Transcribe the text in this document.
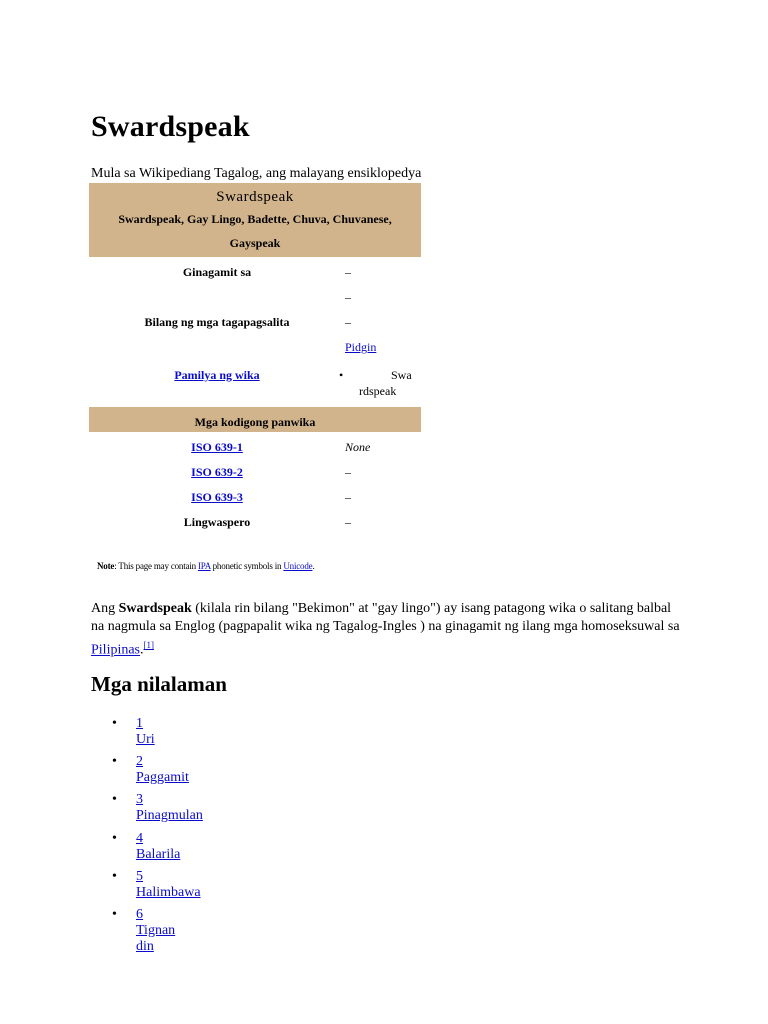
Swardspeak

Mula sa Wikipediang Tagalog, ang malayang ensiklopedya

Swardspeak
Swardspeak, Gay Lingo, Badette, Chuva, Chuvanese, Gayspeak
Ginagamit sa	–
–
Bilang ng mga tagapagsalita	–
Pidgin
Pamilya ng wika	•	Swa
rdspeak
Mga kodigong panwika
ISO 639-1	None
ISO 639-2	–
ISO 639-3	–
Lingwaspero	–
Note: This page may contain IPA phonetic symbols in Unicode.

Ang Swardspeak (kilala rin bilang "Bekimon" at "gay lingo") ay isang patagong wika o salitang balbal na nagmula sa Englog (pagpapalit wika ng Tagalog-Ingles ) na ginagamit ng ilang mga homoseksuwal sa Pilipinas.[1]

Mga nilalaman
• 1 Uri
• 2 Paggamit
• 3 Pinagmulan
• 4 Balarila
• 5 Halimbawa
• 6 Tignan din
